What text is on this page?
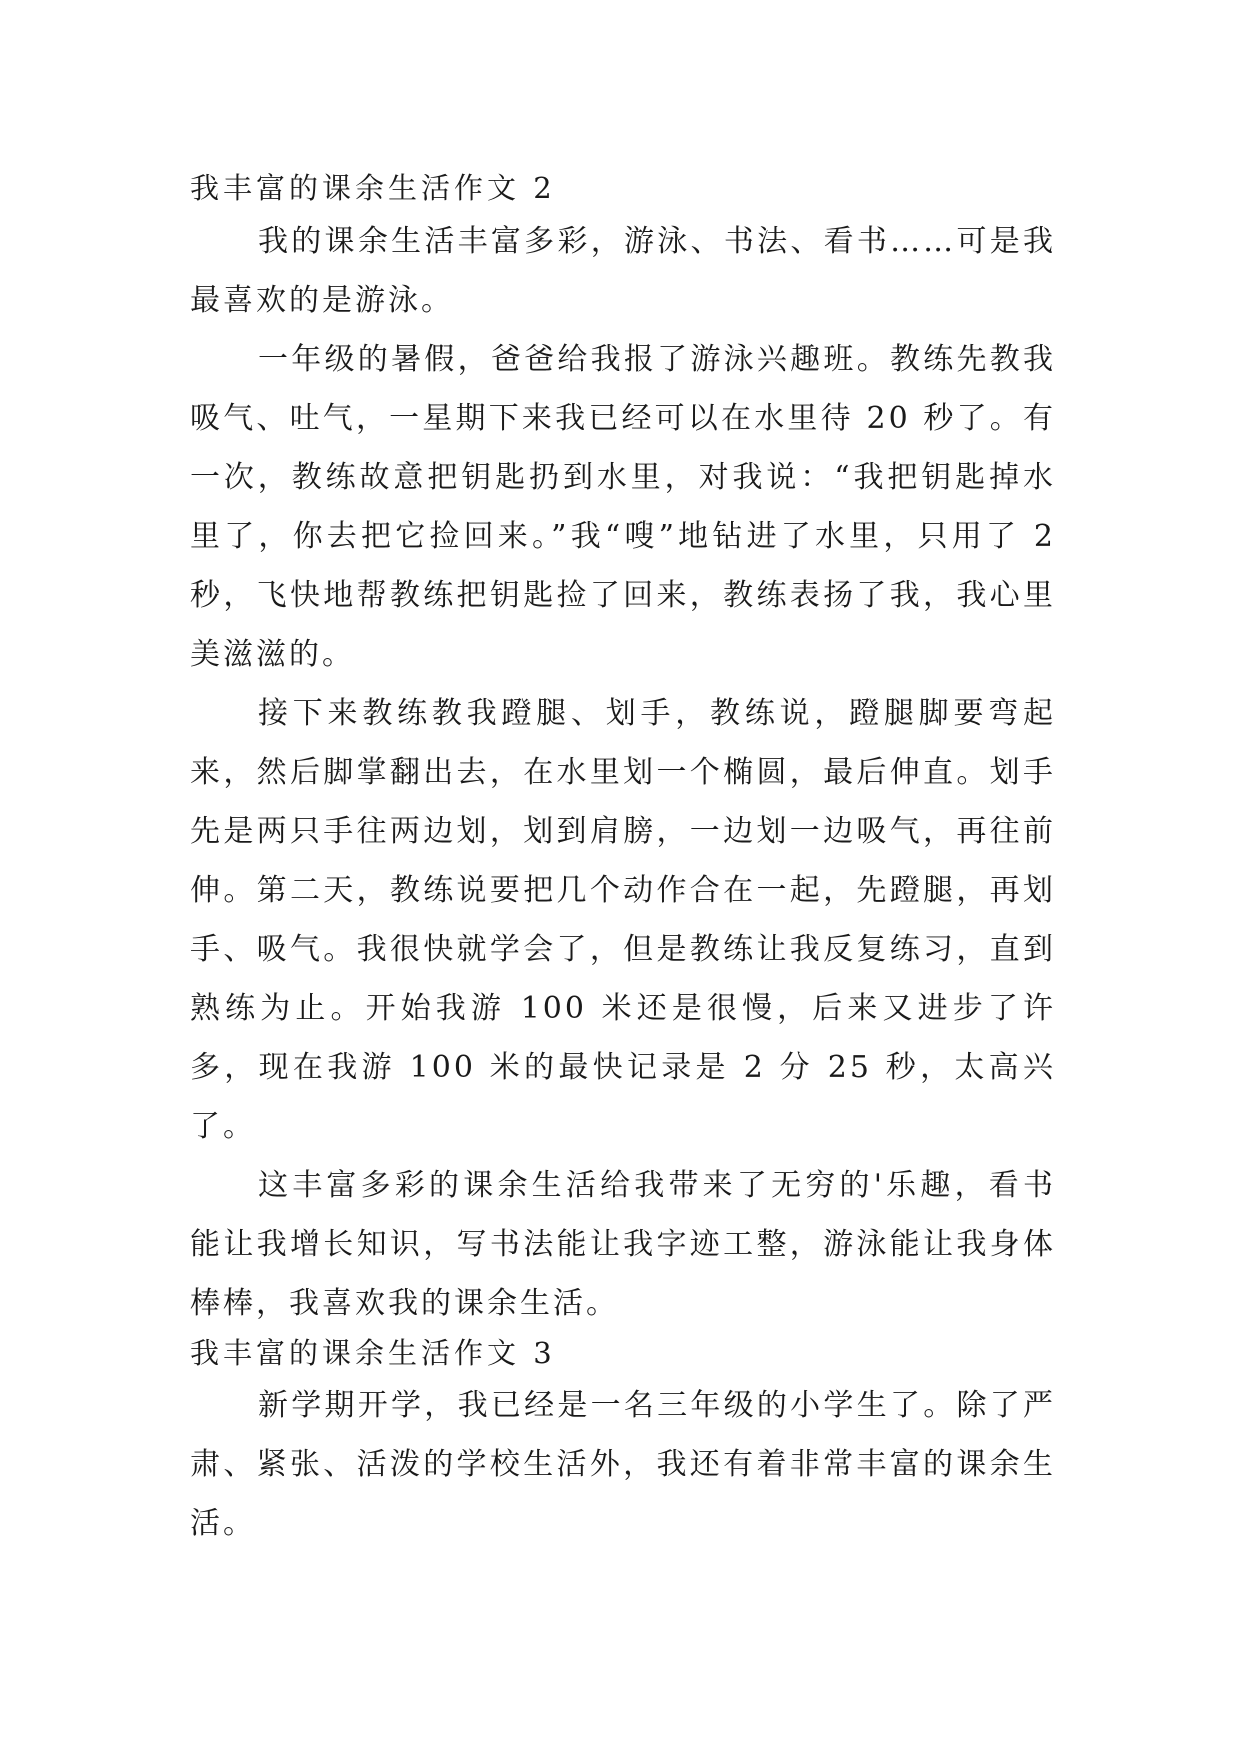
我丰富的课余生活作文 2

我的课余生活丰富多彩，游泳、书法、看书……可是我最喜欢的是游泳。

一年级的暑假，爸爸给我报了游泳兴趣班。教练先教我吸气、吐气，一星期下来我已经可以在水里待 20 秒了。有一次，教练故意把钥匙扔到水里，对我说：“我把钥匙掉水里了，你去把它捡回来。”我“嗖”地钻进了水里，只用了 2 秒，飞快地帮教练把钥匙捡了回来，教练表扬了我，我心里美滋滋的。

接下来教练教我蹬腿、划手，教练说，蹬腿脚要弯起来，然后脚掌翻出去，在水里划一个椭圆，最后伸直。划手先是两只手往两边划，划到肩膀，一边划一边吸气，再往前伸。第二天，教练说要把几个动作合在一起，先蹬腿，再划手、吸气。我很快就学会了，但是教练让我反复练习，直到熟练为止。开始我游 100 米还是很慢，后来又进步了许多，现在我游 100 米的最快记录是 2 分 25 秒，太高兴了。

这丰富多彩的课余生活给我带来了无穷的'乐趣，看书能让我增长知识，写书法能让我字迹工整，游泳能让我身体棒棒，我喜欢我的课余生活。

我丰富的课余生活作文 3

新学期开学，我已经是一名三年级的小学生了。除了严肃、紧张、活泼的学校生活外，我还有着非常丰富的课余生活。
